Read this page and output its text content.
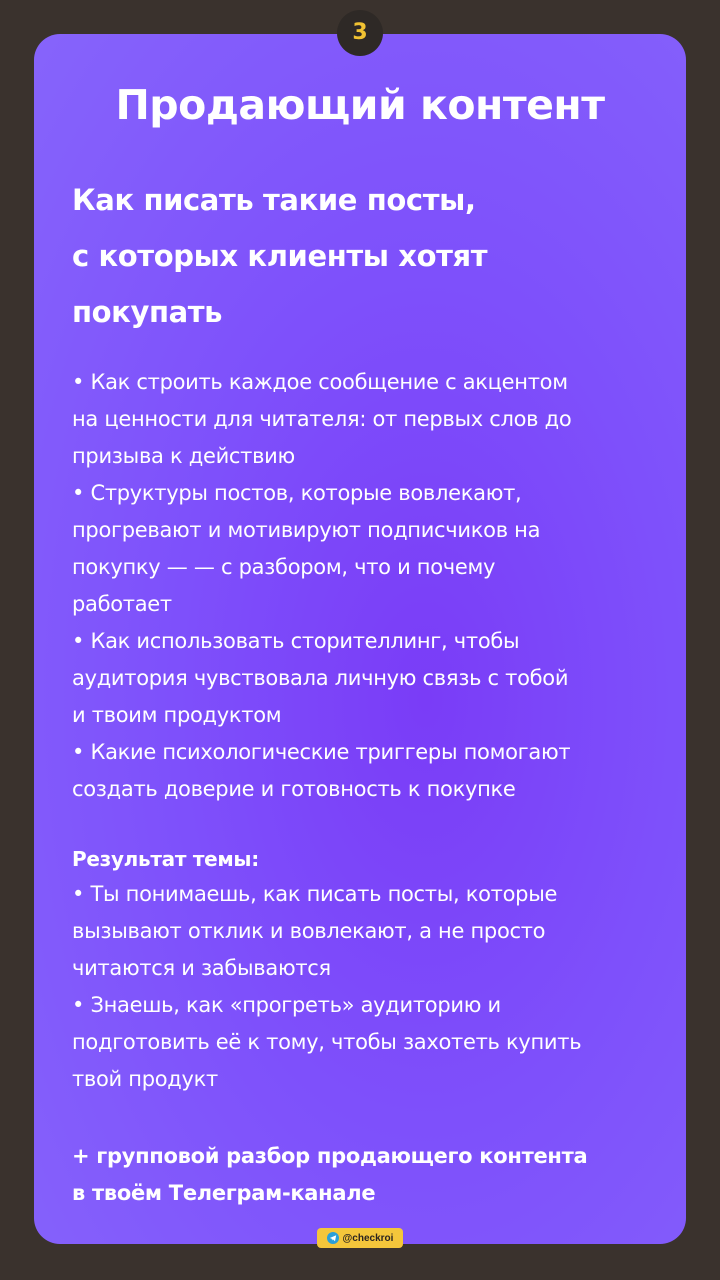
3
Продающий контент
Как писать такие посты,
с которых клиенты хотят
покупать
• Как строить каждое сообщение с акцентом
на ценности для читателя: от первых слов до
призыва к действию
• Структуры постов, которые вовлекают,
прогревают и мотивируют подписчиков на
покупку — — с разбором, что и почему
работает
• Как использовать сторителлинг, чтобы
аудитория чувствовала личную связь с тобой
и твоим продуктом
• Какие психологические триггеры помогают
создать доверие и готовность к покупке
Результат темы:
• Ты понимаешь, как писать посты, которые
вызывают отклик и вовлекают, а не просто
читаются и забываются
• Знаешь, как «прогреть» аудиторию и
подготовить её к тому, чтобы захотеть купить
твой продукт
+ групповой разбор продающего контента
в твоём Телеграм-канале
@checkroi
